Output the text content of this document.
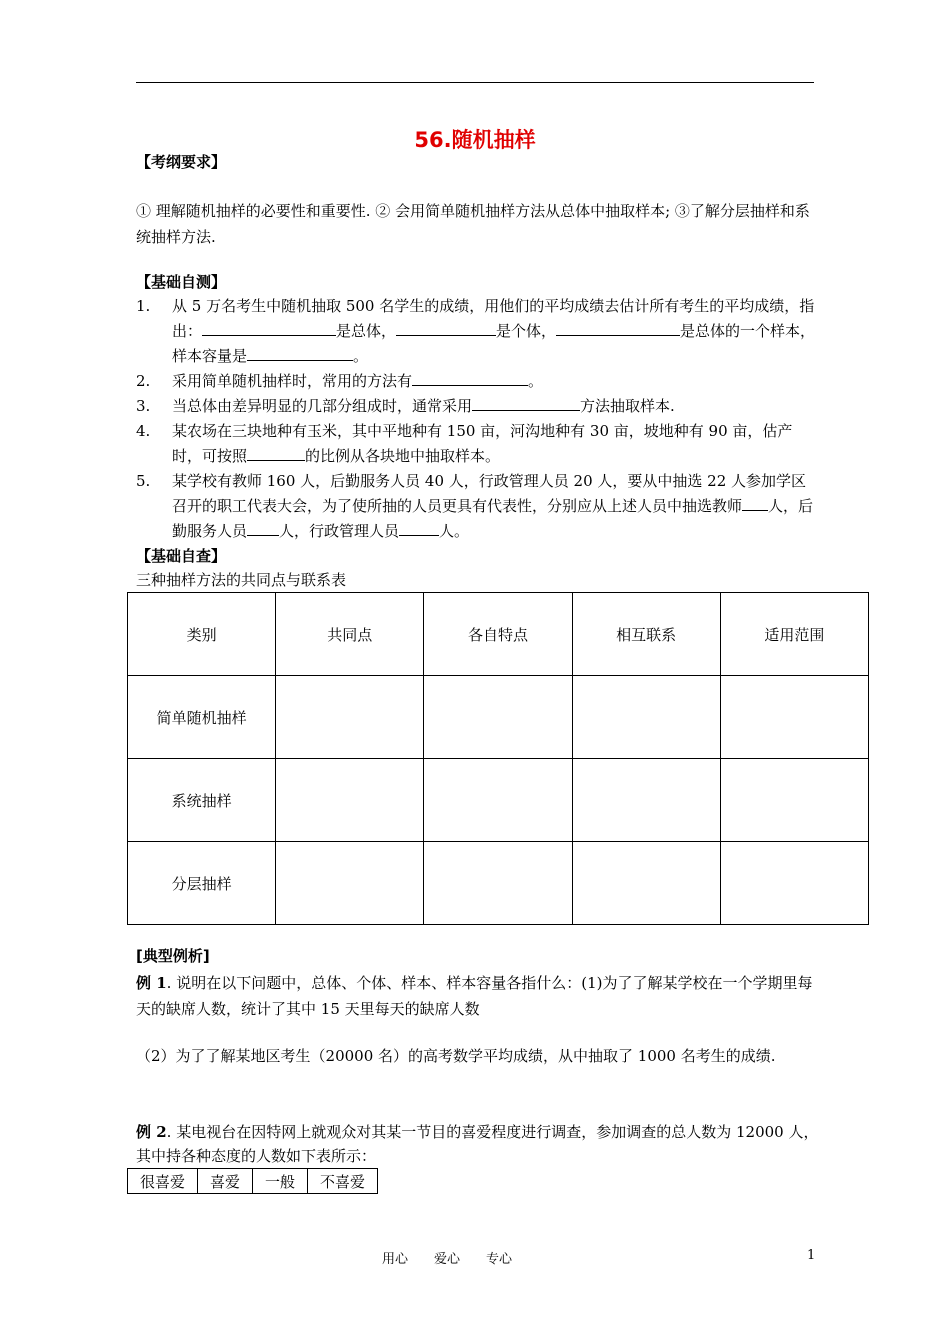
56.随机抽样
【考纲要求】
① 理解随机抽样的必要性和重要性. ② 会用简单随机抽样方法从总体中抽取样本; ③了解分层抽样和系统抽样方法.
【基础自测】
1. 从 5 万名考生中随机抽取 500 名学生的成绩，用他们的平均成绩去估计所有考生的平均成绩，指出：	是总体，	是个体，	是总体的一个样本，样本容量是	。
2. 采用简单随机抽样时，常用的方法有	。
3. 当总体由差异明显的几部分组成时，通常采用	方法抽取样本.
4. 某农场在三块地种有玉米，其中平地种有 150 亩，河沟地种有 30 亩，坡地种有 90 亩，估产时，可按照	的比例从各块地中抽取样本。
5. 某学校有教师 160 人，后勤服务人员 40 人，行政管理人员 20 人，要从中抽选 22 人参加学区召开的职工代表大会，为了使所抽的人员更具有代表性，分别应从上述人员中抽选教师 人，后勤服务人员 人，行政管理人员	人。
【基础自查】
三种抽样方法的共同点与联系表
类别	共同点	各自特点	相互联系	适用范围
简单随机抽样				
系统抽样				
分层抽样				
[典型例析]
例 1. 说明在以下问题中，总体、个体、样本、样本容量各指什么：(1)为了了解某学校在一个学期里每天的缺席人数，统计了其中 15 天里每天的缺席人数
（2）为了了解某地区考生（20000 名）的高考数学平均成绩，从中抽取了 1000 名考生的成绩.
例 2. 某电视台在因特网上就观众对其某一节目的喜爱程度进行调查，参加调查的总人数为 12000 人，其中持各种态度的人数如下表所示：
很喜爱	喜爱	一般	不喜爱
用心 爱心 专心	1
